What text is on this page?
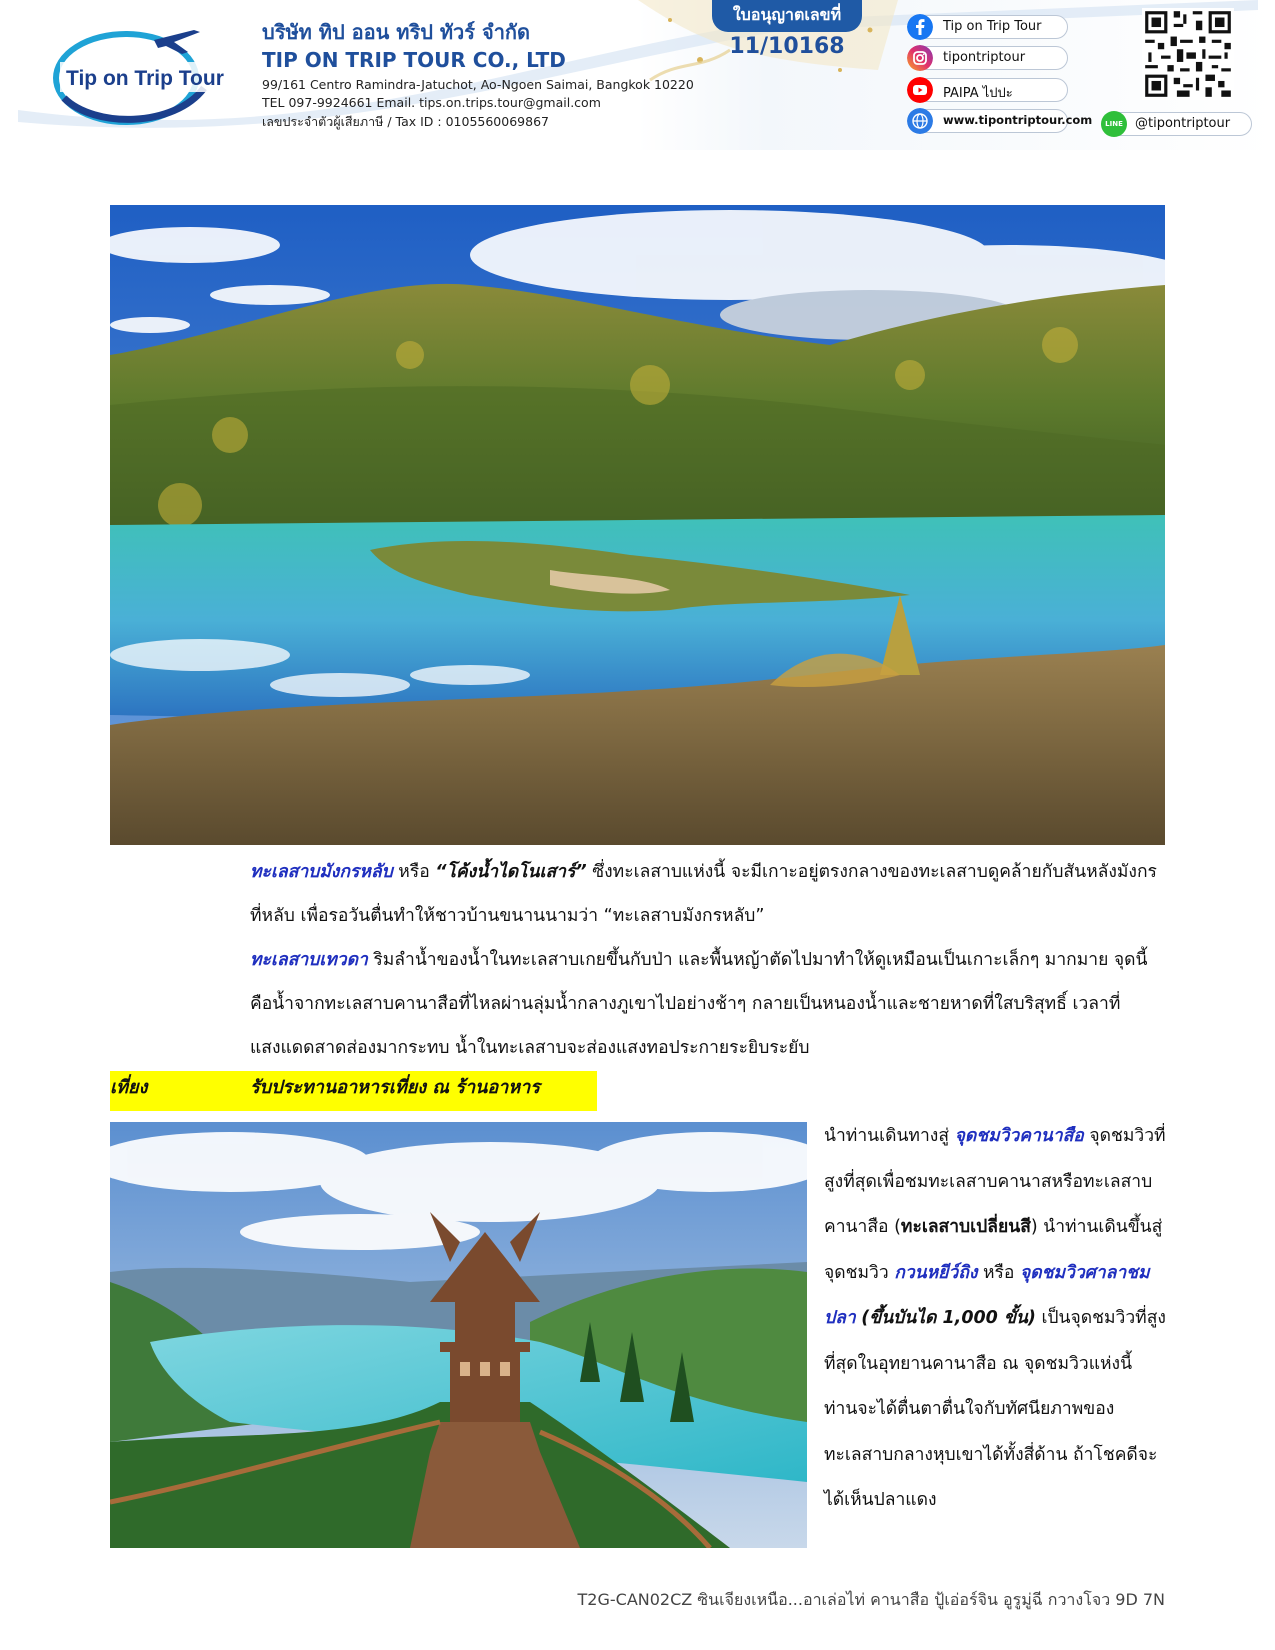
Tip on Trip Tour
บริษัท ทิป ออน ทริป ทัวร์ จำกัด
TIP ON TRIP TOUR CO., LTD
99/161 Centro Ramindra-Jatuchot, Ao-Ngoen Saimai, Bangkok 10220
TEL 097-9924661 Email. tips.on.trips.tour@gmail.com
เลขประจำตัวผู้เสียภาษี / Tax ID : 0105560069867
ใบอนุญาตเลขที่
11/10168
Tip on Trip Tour
tipontriptour
PAIPA ไปปะ
www.tipontriptour.com	LINE @tipontriptour
ทะเลสาบมังกรหลับ หรือ “โค้งน้ำไดโนเสาร์” ซึ่งทะเลสาบแห่งนี้ จะมีเกาะอยู่ตรงกลางของทะเลสาบดูคล้ายกับสันหลังมังกรที่หลับ เพื่อรอวันตื่นทำให้ชาวบ้านขนานนามว่า “ทะเลสาบมังกรหลับ”
ทะเลสาบเทวดา ริมลำน้ำของน้ำในทะเลสาบเกยขึ้นกับป่า และพื้นหญ้าตัดไปมาทำให้ดูเหมือนเป็นเกาะเล็กๆ มากมาย จุดนี้คือน้ำจากทะเลสาบคานาสือที่ไหลผ่านลุ่มน้ำกลางภูเขาไปอย่างช้าๆ กลายเป็นหนองน้ำและชายหาดที่ใสบริสุทธิ์ เวลาที่แสงแดดสาดส่องมากระทบ น้ำในทะเลสาบจะส่องแสงทอประกายระยิบระยับ
เที่ยง	รับประทานอาหารเที่ยง ณ ร้านอาหาร
นำท่านเดินทางสู่ จุดชมวิวคานาสือ จุดชมวิวที่สูงที่สุดเพื่อชมทะเลสาบคานาสหรือทะเลสาบคานาสือ (ทะเลสาบเปลี่ยนสี) นำท่านเดินขึ้นสู่จุดชมวิว กวนหยีว์ถิง หรือ จุดชมวิวศาลาชมปลา (ขึ้นบันได 1,000 ขั้น) เป็นจุดชมวิวที่สูงที่สุดในอุทยานคานาสือ ณ จุดชมวิวแห่งนี้ ท่านจะได้ตื่นตาตื่นใจกับทัศนียภาพของทะเลสาบกลางหุบเขาได้ทั้งสี่ด้าน ถ้าโชคดีจะได้เห็นปลาแดง
T2G-CAN02CZ ซินเจียงเหนือ...อาเล่อไท่ คานาสือ ปู้เอ่อร์จิน อูรูมู่ฉี กวางโจว 9D 7N
